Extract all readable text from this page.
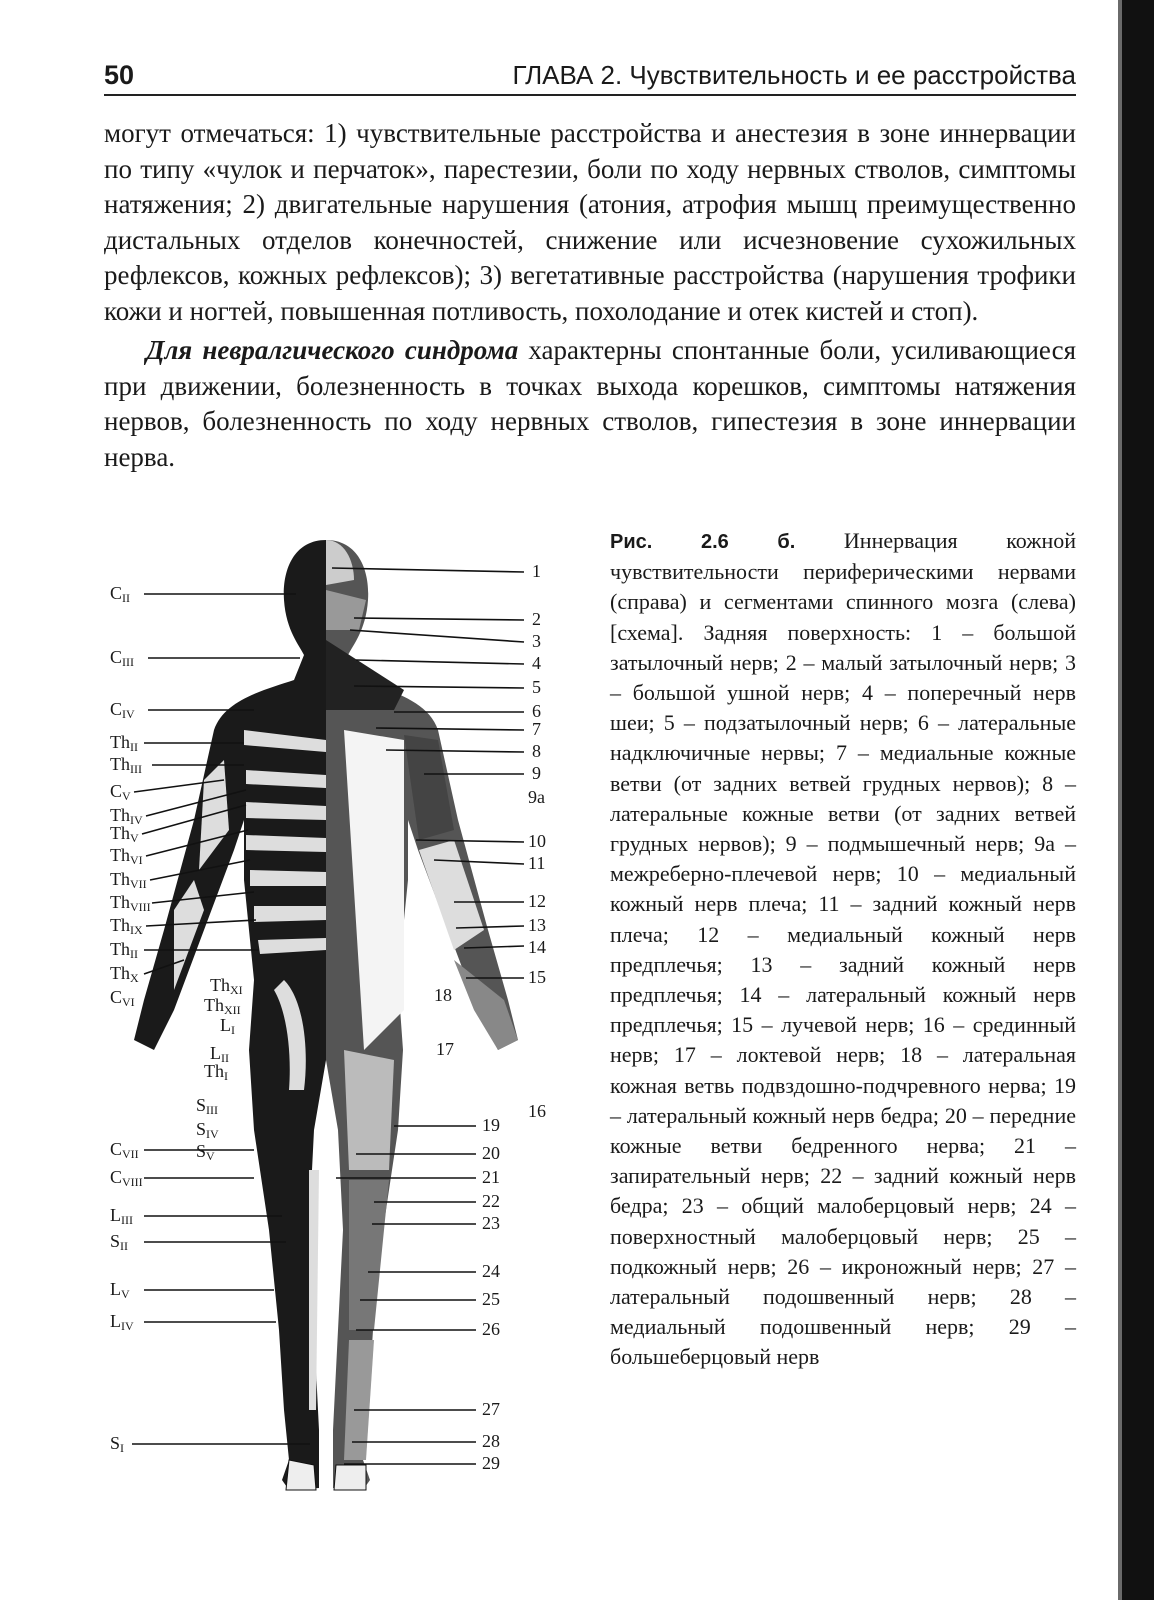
50	ГЛАВА 2. Чувствительность и ее расстройства

могут отмечаться: 1) чувствительные расстройства и анестезия в зоне иннервации по типу «чулок и перчаток», парестезии, боли по ходу нервных стволов, симптомы натяжения; 2) двигательные нарушения (атония, атрофия мышц преимущественно дистальных отделов конечностей, снижение или исчезновение сухожильных рефлексов, кожных рефлексов); 3) вегетативные расстройства (нарушения трофики кожи и ногтей, повышенная потливость, похолодание и отек кистей и стоп).

Для невралгического синдрома характерны спонтанные боли, усиливающиеся при движении, болезненность в точках выхода корешков, симптомы натяжения нервов, болезненность по ходу нервных стволов, гипестезия в зоне иннервации нерва.

$C_{II}$
$C_{III}$
$C_{IV}$
$Th_{II}$
$Th_{III}$
$C_V$
$Th_{IV}$
$Th_V$
$Th_{VI}$
$Th_{VII}$
$Th_{VIII}$
$Th_{IX}$
$Th_{II}$
$Th_X$
$C_{VI}$
$C_{VII}$
$C_{VIII}$
$L_{III}$
$S_{II}$
$L_V$
$L_{IV}$
$S_I$
$Th_{XI}$
$Th_{XII}$
$L_I$
$L_{II}$
$Th_I$
$S_{III}$
$S_{IV}$
$S_V$
1
2
3
4
5
6
7
8
9
9а
10
11
12
13
14
15
16
17
18
19
20
21
22
23
24
25
26
27
28
29
Рис. 2.6 б. Иннервация кожной чувствительности периферическими нервами (справа) и сегментами спинного мозга (слева) [схема]. Задняя поверхность: 1 – большой затылочный нерв; 2 – малый затылочный нерв; 3 – большой ушной нерв; 4 – поперечный нерв шеи; 5 – подзатылочный нерв; 6 – латеральные надключичные нервы; 7 – медиальные кожные ветви (от задних ветвей грудных нервов); 8 – латеральные кожные ветви (от задних ветвей грудных нервов); 9 – подмышечный нерв; 9а – межреберно-плечевой нерв; 10 – медиальный кожный нерв плеча; 11 – задний кожный нерв плеча; 12 – медиальный кожный нерв предплечья; 13 – задний кожный нерв предплечья; 14 – латеральный кожный нерв предплечья; 15 – лучевой нерв; 16 – срединный нерв; 17 – локтевой нерв; 18 – латеральная кожная ветвь подвздошно-подчревного нерва; 19 – латеральный кожный нерв бедра; 20 – передние кожные ветви бедренного нерва; 21 – запирательный нерв; 22 – задний кожный нерв бедра; 23 – общий малоберцовый нерв; 24 – поверхностный малоберцовый нерв; 25 – подкожный нерв; 26 – икроножный нерв; 27 – латеральный подошвенный нерв; 28 – медиальный подошвенный нерв; 29 – большеберцовый нерв
